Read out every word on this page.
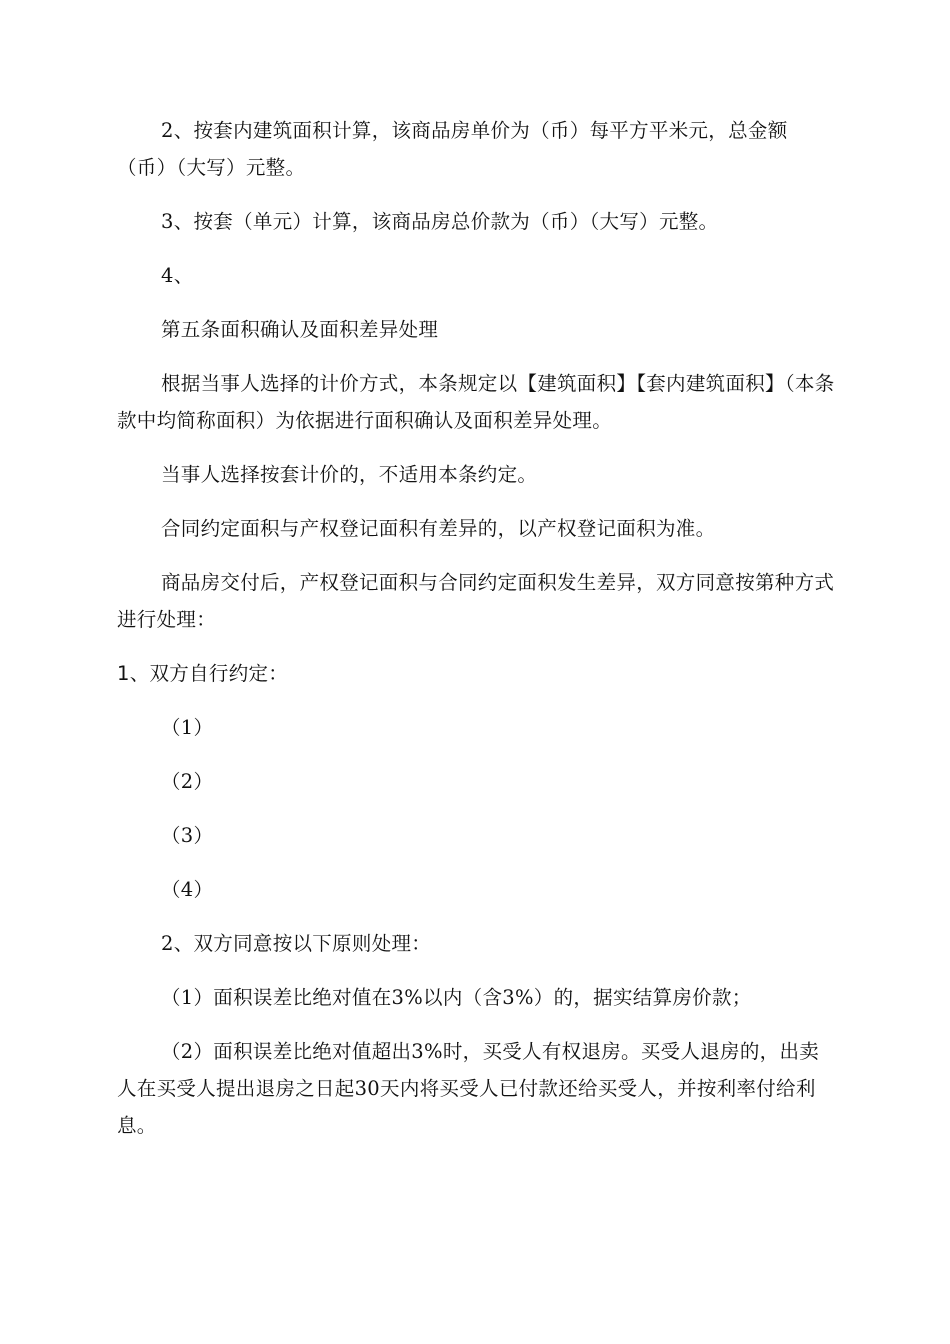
2、按套内建筑面积计算，该商品房单价为（币）每平方平米元，总金额（币）（大写）元整。

3、按套（单元）计算，该商品房总价款为（币）（大写）元整。

4、

第五条面积确认及面积差异处理

根据当事人选择的计价方式，本条规定以【建筑面积】【套内建筑面积】（本条款中均简称面积）为依据进行面积确认及面积差异处理。

当事人选择按套计价的，不适用本条约定。

合同约定面积与产权登记面积有差异的，以产权登记面积为准。

商品房交付后，产权登记面积与合同约定面积发生差异，双方同意按第种方式进行处理：

1、双方自行约定：

（1）

（2）

（3）

（4）

2、双方同意按以下原则处理：

（1）面积误差比绝对值在3%以内（含3%）的，据实结算房价款；

（2）面积误差比绝对值超出3%时，买受人有权退房。买受人退房的，出卖人在买受人提出退房之日起30天内将买受人已付款还给买受人，并按利率付给利息。
